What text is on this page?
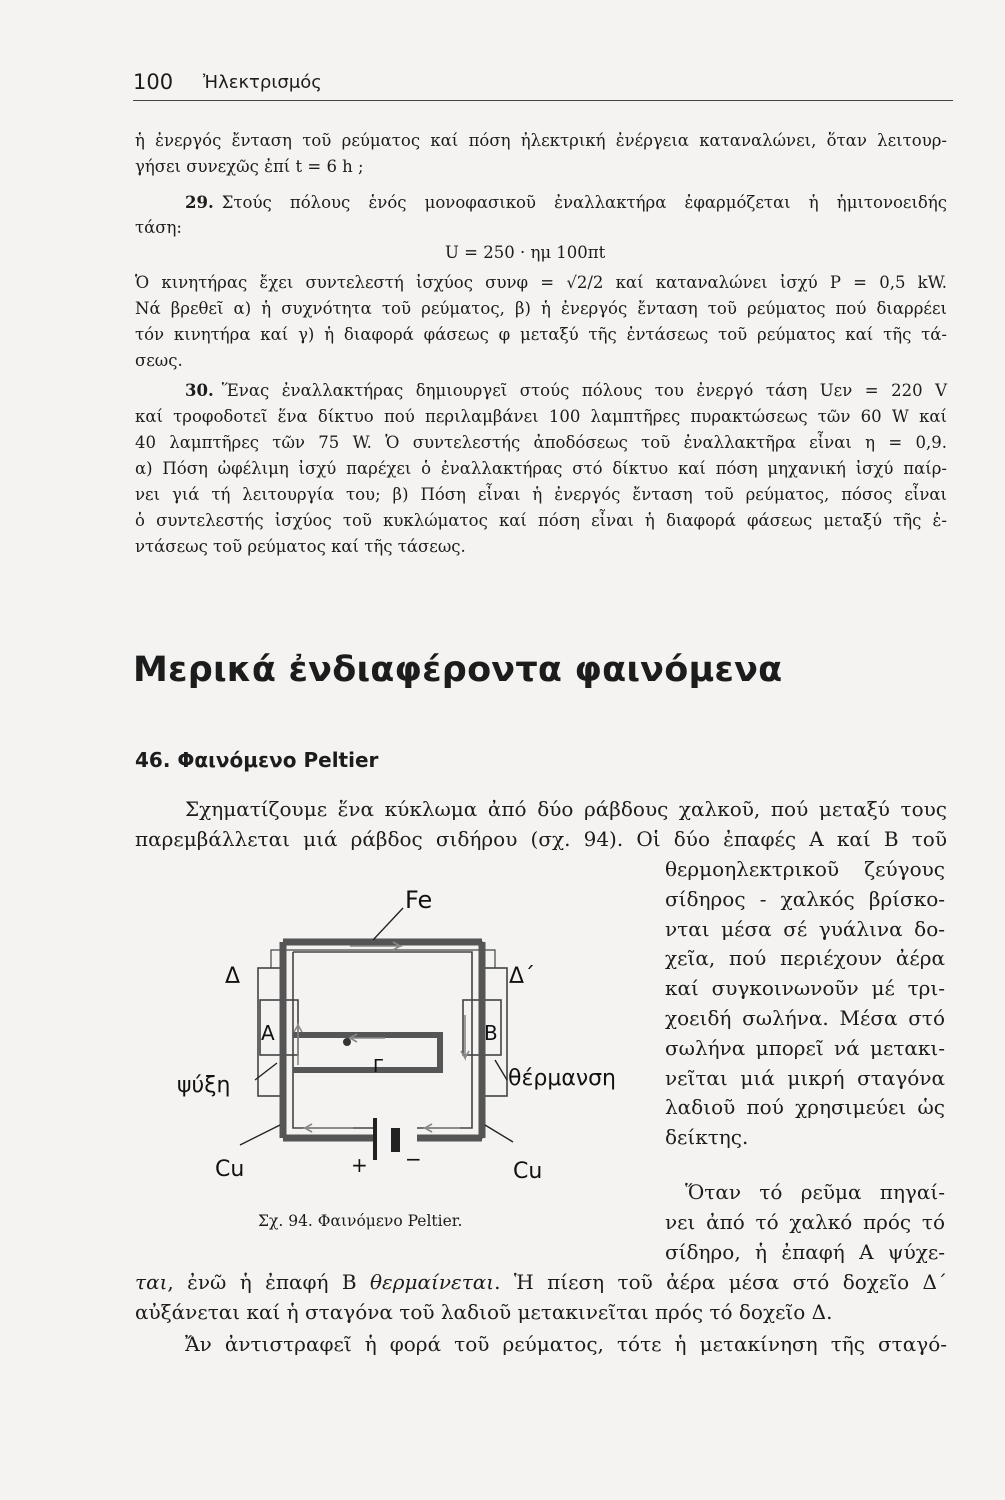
100 Ἠλεκτρισμός

ἡ ἐνεργός ἔνταση τοῦ ρεύματος καί πόση ἠλεκτρική ἐνέργεια καταναλώνει, ὅταν λειτουρ-

γήσει συνεχῶς ἐπί t = 6 h ;

29. Στούς πόλους ἑνός μονοφασικοῦ ἐναλλακτήρα ἐφαρμόζεται ἡ ἡμιτονοειδής

τάση:

U = 250 · ημ 100πt

Ὁ κινητήρας ἔχει συντελεστή ἰσχύος συνφ = √2/2 καί καταναλώνει ἰσχύ P = 0,5 kW.

Νά βρεθεῖ α) ἡ συχνότητα τοῦ ρεύματος, β) ἡ ἐνεργός ἔνταση τοῦ ρεύματος πού διαρρέει

τόν κινητήρα καί γ) ἡ διαφορά φάσεως φ μεταξύ τῆς ἐντάσεως τοῦ ρεύματος καί τῆς τά-

σεως.

30. Ἕνας ἐναλλακτήρας δημιουργεῖ στούς πόλους του ἐνεργό τάση Uεν = 220 V

καί τροφοδοτεῖ ἕνα δίκτυο πού περιλαμβάνει 100 λαμπτῆρες πυρακτώσεως τῶν 60 W καί

40 λαμπτῆρες τῶν 75 W. Ὁ συντελεστής ἀποδόσεως τοῦ ἐναλλακτῆρα εἶναι η = 0,9.

α) Πόση ὠφέλιμη ἰσχύ παρέχει ὁ ἐναλλακτήρας στό δίκτυο καί πόση μηχανική ἰσχύ παίρ-

νει γιά τή λειτουργία του; β) Πόση εἶναι ἡ ἐνεργός ἔνταση τοῦ ρεύματος, πόσος εἶναι

ὁ συντελεστής ἰσχύος τοῦ κυκλώματος καί πόση εἶναι ἡ διαφορά φάσεως μεταξύ τῆς ἐ-

ντάσεως τοῦ ρεύματος καί τῆς τάσεως.

Μερικά ἐνδιαφέροντα φαινόμενα
46. Φαινόμενο Peltier

Σχηματίζουμε ἕνα κύκλωμα ἀπό δύο ράβδους χαλκοῦ, πού μεταξύ τους

παρεμβάλλεται μιά ράβδος σιδήρου (σχ. 94). Οἱ δύο ἐπαφές Α καί Β τοῦ

θερμοηλεκτρικοῦ ζεύγους

σίδηρος - χαλκός βρίσκο-

νται μέσα σέ γυάλινα δο-

χεῖα, πού περιέχουν ἀέρα

καί συγκοινωνοῦν μέ τρι-

χοειδή σωλήνα. Μέσα στό

σωλήνα μπορεῖ νά μετακι-

νεῖται μιά μικρή σταγόνα

λαδιοῦ πού χρησιμεύει ὡς

δείκτης.

Ὅταν τό ρεῦμα πηγαί-

νει ἀπό τό χαλκό πρός τό

σίδηρο, ἡ ἐπαφή Α ψύχε-

ται, ἐνῶ ἡ ἐπαφή Β θερμαίνεται. Ἡ πίεση τοῦ ἀέρα μέσα στό δοχεῖο Δ΄

αὐξάνεται καί ἡ σταγόνα τοῦ λαδιοῦ μετακινεῖται πρός τό δοχεῖο Δ.

Ἄν ἀντιστραφεῖ ἡ φορά τοῦ ρεύματος, τότε ἡ μετακίνηση τῆς σταγό-

Fe
Δ	Δ΄
A	B
Γ
ψύξη	θέρμανση
Cu	Cu
+ −
Σχ. 94. Φαινόμενο Peltier.
